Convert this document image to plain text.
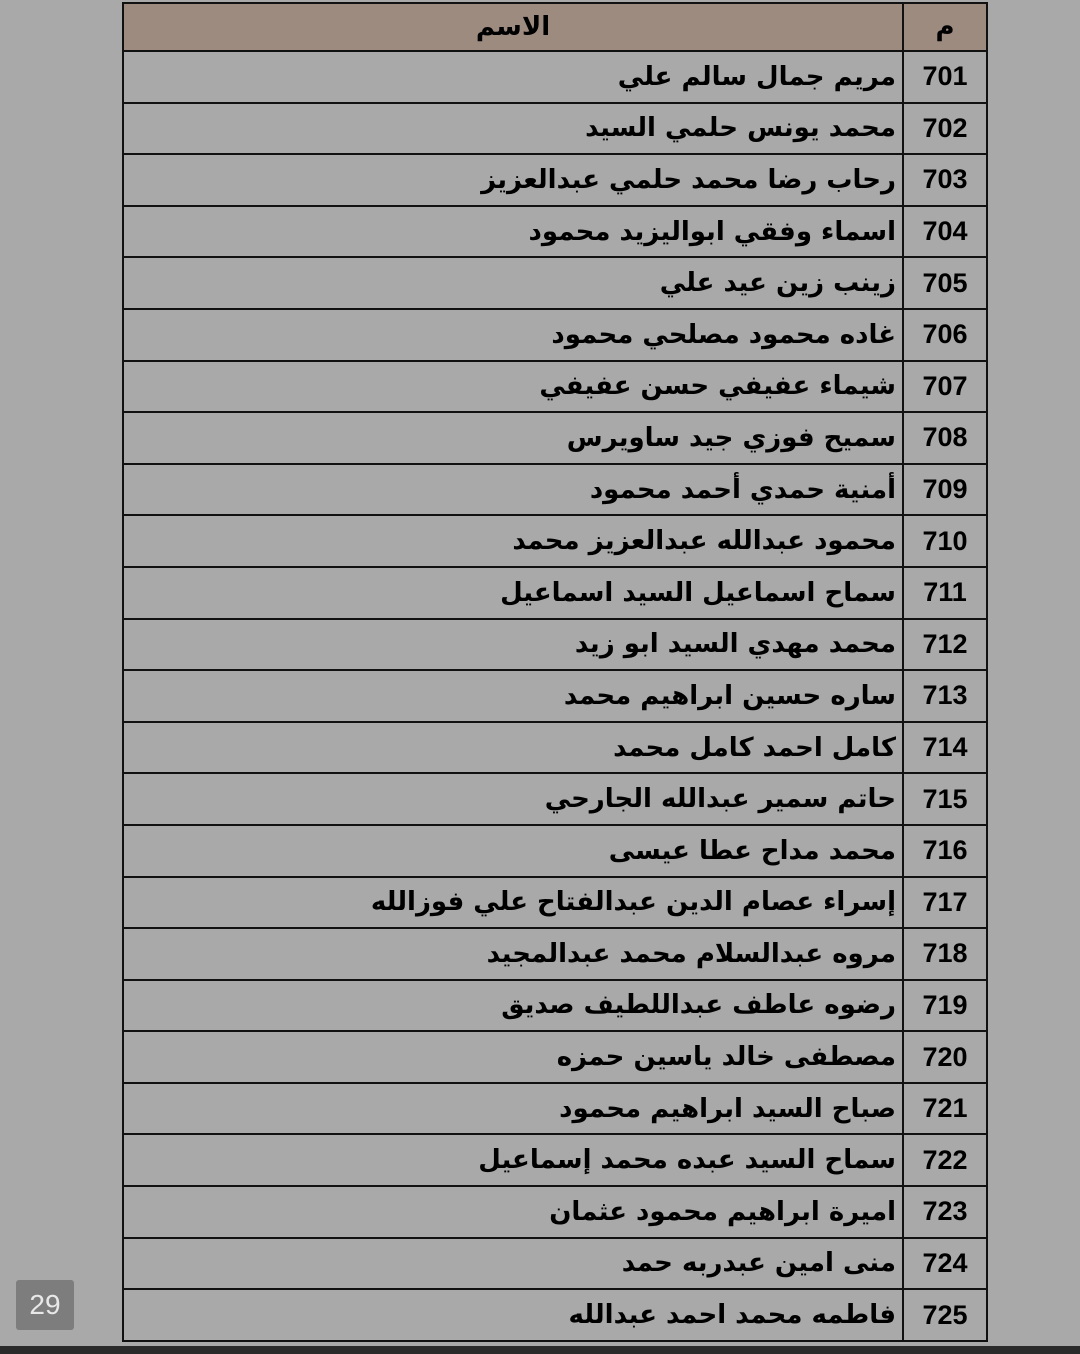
م	الاسم
701	مريم جمال سالم علي
702	محمد يونس حلمي السيد
703	رحاب رضا محمد حلمي عبدالعزيز
704	اسماء وفقي ابواليزيد محمود
705	زينب زين عيد علي
706	غاده محمود مصلحي محمود
707	شيماء عفيفي حسن عفيفي
708	سميح فوزي جيد ساويرس
709	أمنية حمدي أحمد محمود
710	محمود عبدالله عبدالعزيز محمد
711	سماح اسماعيل السيد اسماعيل
712	محمد مهدي السيد ابو زيد
713	ساره حسين ابراهيم محمد
714	كامل احمد كامل محمد
715	حاتم سمير عبدالله الجارحي
716	محمد مداح عطا عيسى
717	إسراء عصام الدين عبدالفتاح علي فوزالله
718	مروه عبدالسلام محمد عبدالمجيد
719	رضوه عاطف عبداللطيف صديق
720	مصطفى خالد ياسين حمزه
721	صباح السيد ابراهيم محمود
722	سماح السيد عبده محمد إسماعيل
723	اميرة ابراهيم محمود عثمان
724	منى امين عبدربه حمد
725	فاطمه محمد احمد عبدالله
29
